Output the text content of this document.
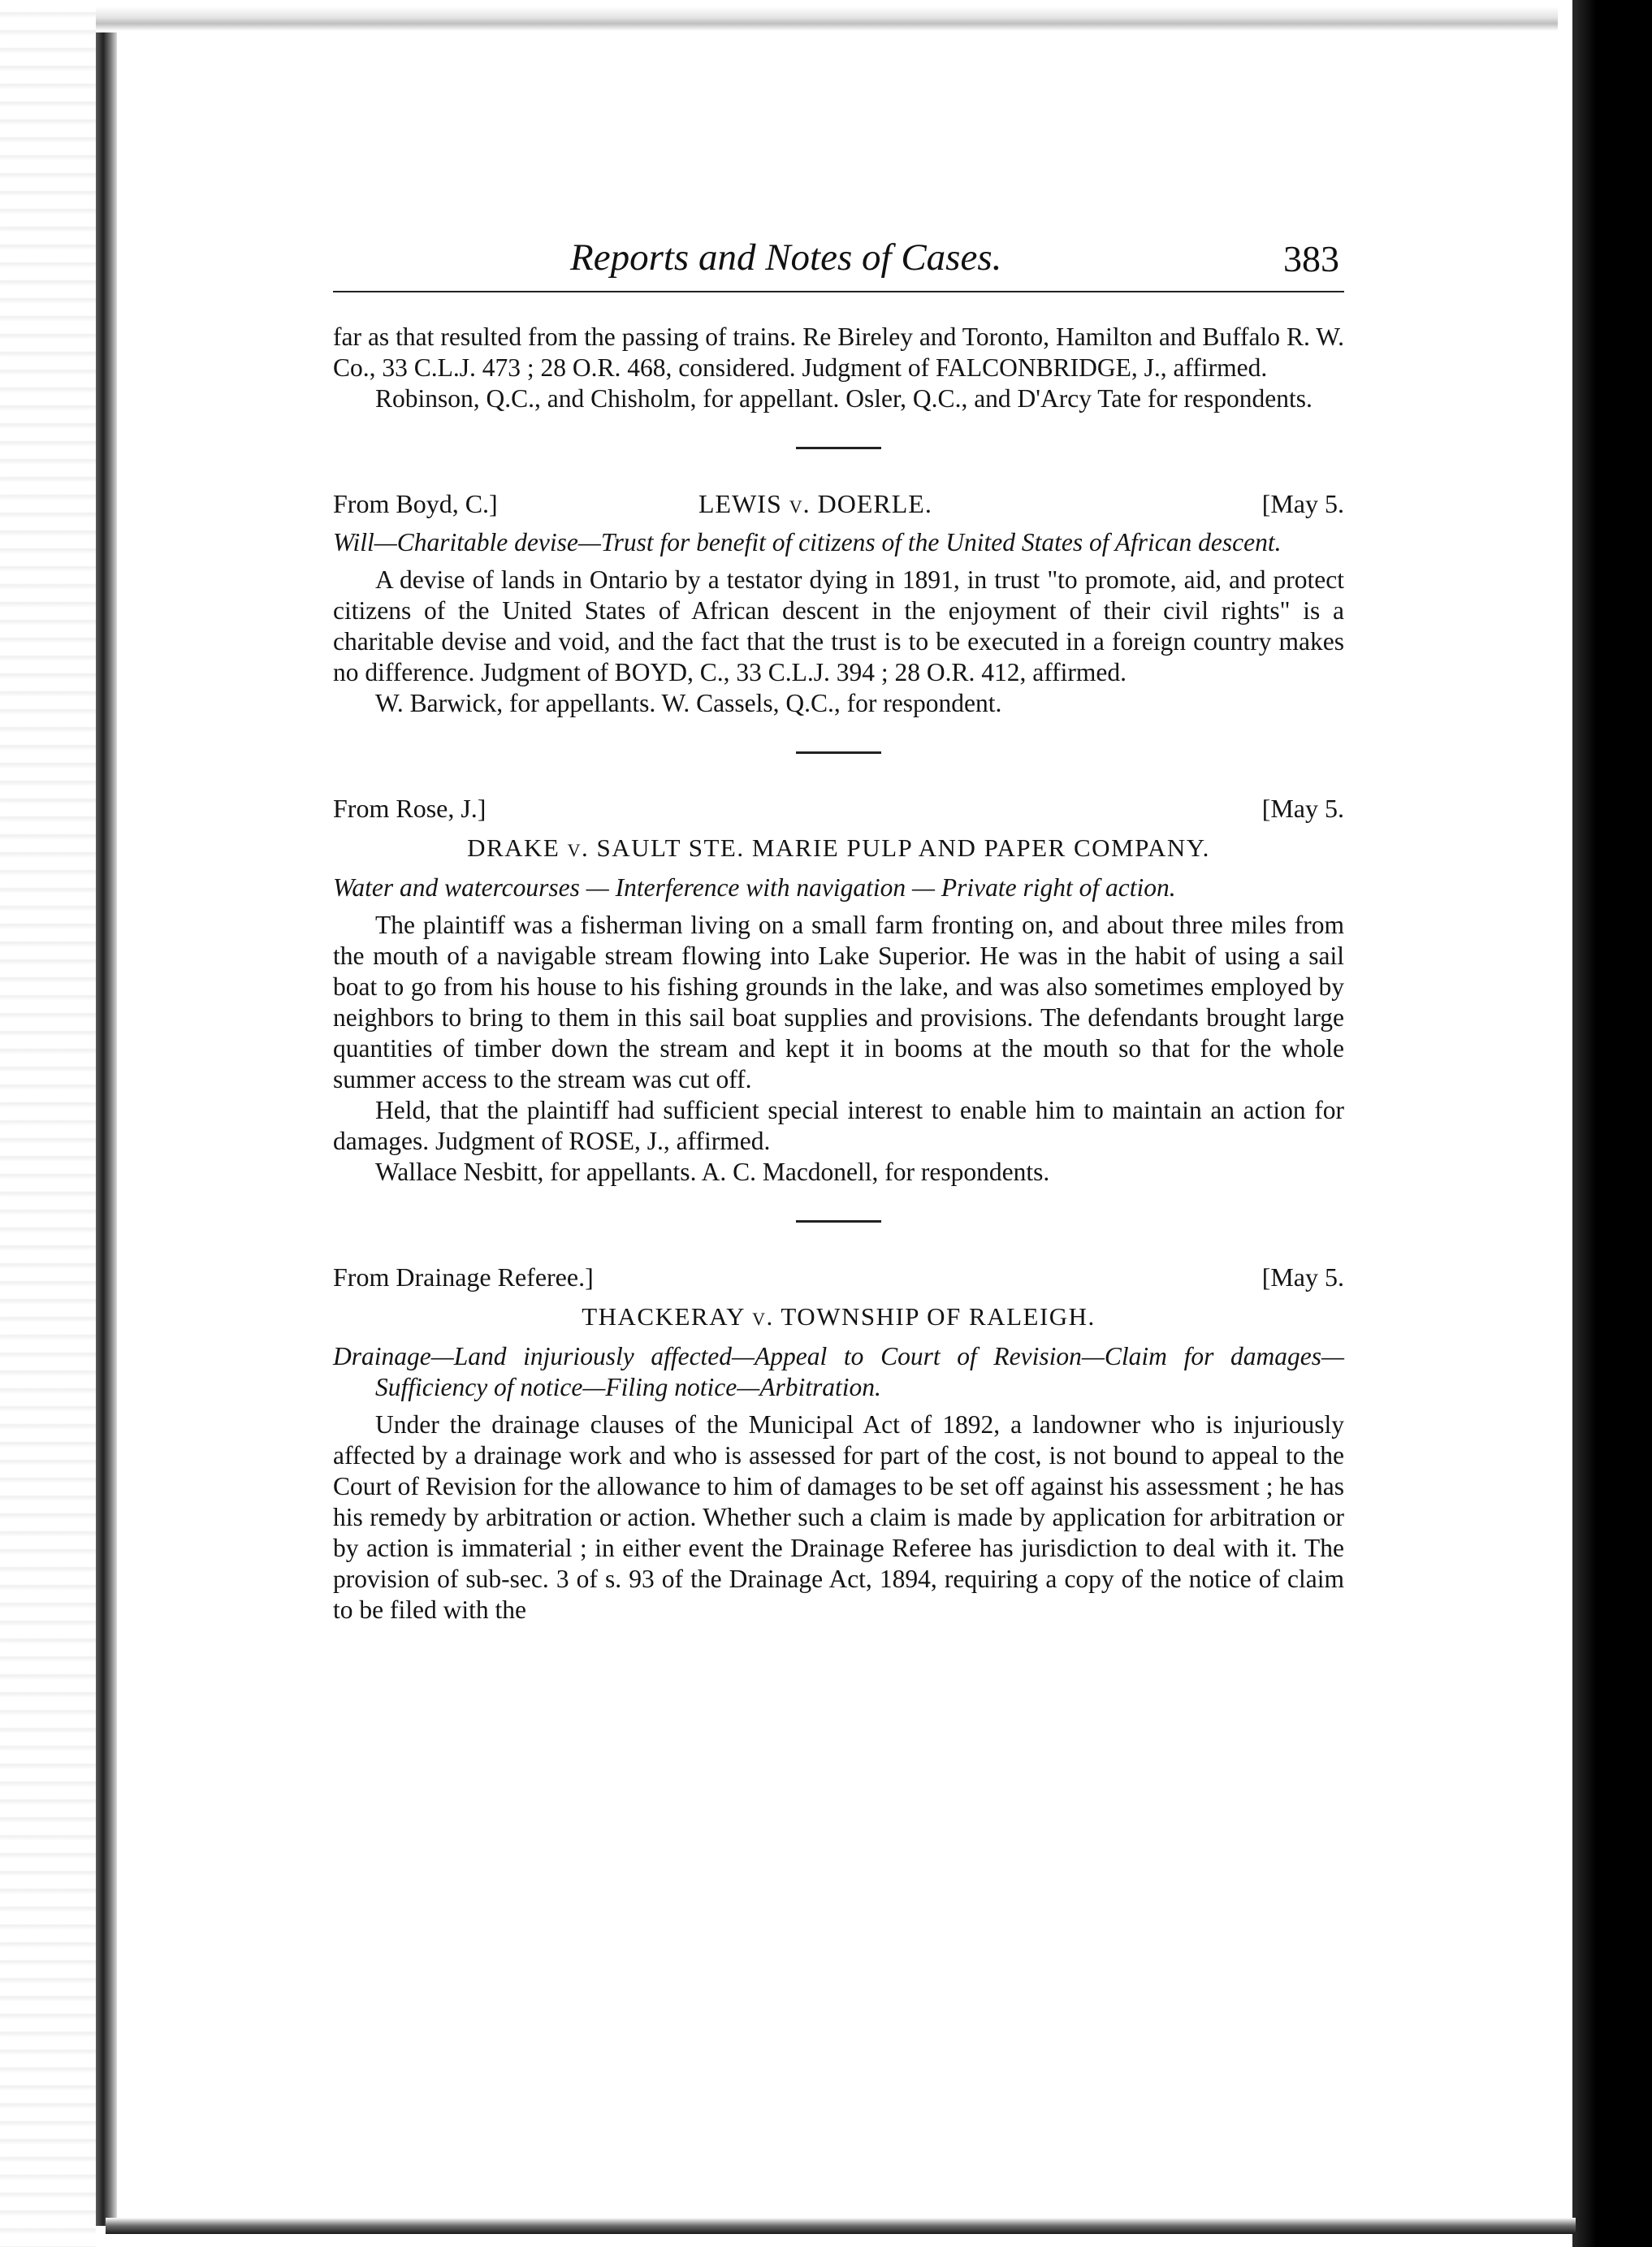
Reports and Notes of Cases.	383

far as that resulted from the passing of trains. Re Bireley and Toronto, Hamilton and Buffalo R. W. Co., 33 C.L.J. 473 ; 28 O.R. 468, considered. Judgment of FALCONBRIDGE, J., affirmed.

Robinson, Q.C., and Chisholm, for appellant. Osler, Q.C., and D'Arcy Tate for respondents.

From Boyd, C.]	LEWIS v. DOERLE.	[May 5.

Will—Charitable devise—Trust for benefit of citizens of the United States of African descent.

A devise of lands in Ontario by a testator dying in 1891, in trust "to promote, aid, and protect citizens of the United States of African descent in the enjoyment of their civil rights" is a charitable devise and void, and the fact that the trust is to be executed in a foreign country makes no difference. Judgment of BOYD, C., 33 C.L.J. 394 ; 28 O.R. 412, affirmed.

W. Barwick, for appellants. W. Cassels, Q.C., for respondent.

From Rose, J.]	[May 5.
DRAKE v. SAULT STE. MARIE PULP AND PAPER COMPANY.

Water and watercourses — Interference with navigation — Private right of action.

The plaintiff was a fisherman living on a small farm fronting on, and about three miles from the mouth of a navigable stream flowing into Lake Superior. He was in the habit of using a sail boat to go from his house to his fishing grounds in the lake, and was also sometimes employed by neighbors to bring to them in this sail boat supplies and provisions. The defendants brought large quantities of timber down the stream and kept it in booms at the mouth so that for the whole summer access to the stream was cut off.

Held, that the plaintiff had sufficient special interest to enable him to maintain an action for damages. Judgment of ROSE, J., affirmed.

Wallace Nesbitt, for appellants. A. C. Macdonell, for respondents.

From Drainage Referee.]	[May 5.
THACKERAY v. TOWNSHIP OF RALEIGH.

Drainage—Land injuriously affected—Appeal to Court of Revision—Claim for damages—Sufficiency of notice—Filing notice—Arbitration.

Under the drainage clauses of the Municipal Act of 1892, a landowner who is injuriously affected by a drainage work and who is assessed for part of the cost, is not bound to appeal to the Court of Revision for the allowance to him of damages to be set off against his assessment ; he has his remedy by arbitration or action. Whether such a claim is made by application for arbitration or by action is immaterial ; in either event the Drainage Referee has jurisdiction to deal with it. The provision of sub-sec. 3 of s. 93 of the Drainage Act, 1894, requiring a copy of the notice of claim to be filed with the
